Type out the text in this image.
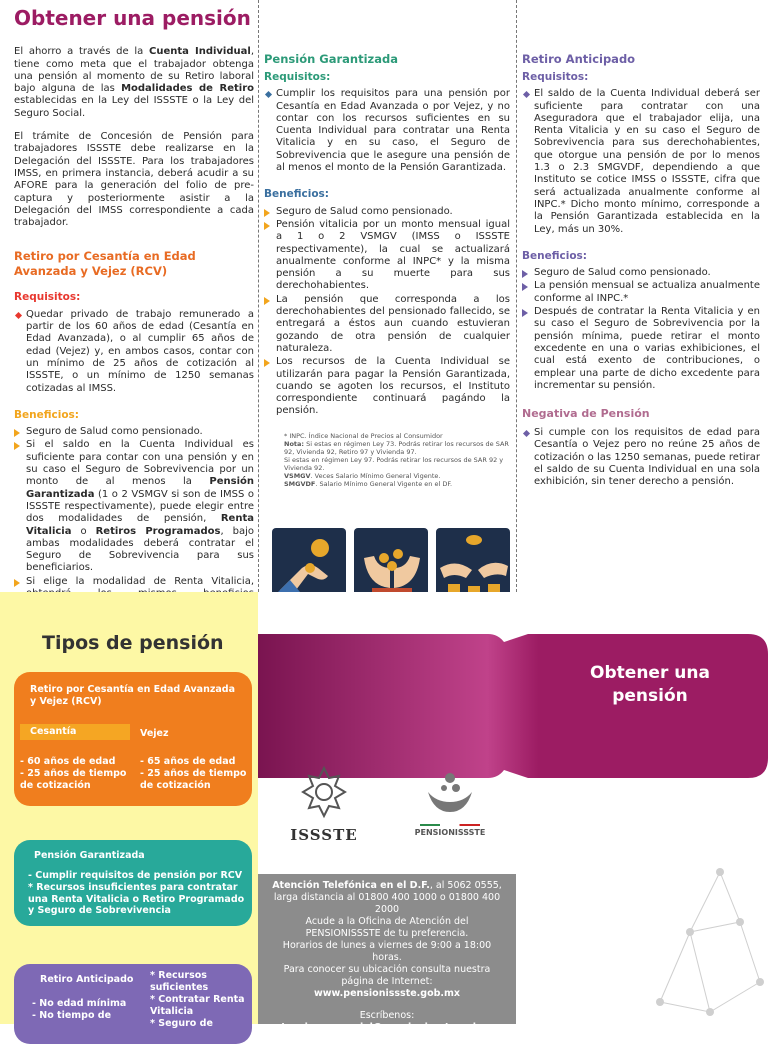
Obtener una pensión

El ahorro a través de la Cuenta Individual, tiene como meta que el trabajador obtenga una pensión al momento de su Retiro laboral bajo alguna de las Modalidades de Retiro establecidas en la Ley del ISSSTE o la Ley del Seguro Social.

El trámite de Concesión de Pensión para trabajadores ISSSTE debe realizarse en la Delegación del ISSSTE. Para los trabajadores IMSS, en primera instancia, deberá acudir a su AFORE para la generación del folio de pre-captura y posteriormente asistir a la Delegación del IMSS correspondiente a cada trabajador.

Retiro por Cesantía en Edad Avanzada y Vejez (RCV)
Requisitos:
Quedar privado de trabajo remunerado a partir de los 60 años de edad (Cesantía en Edad Avanzada), o al cumplir 65 años de edad (Vejez) y, en ambos casos, contar con un mínimo de 25 años de cotización al ISSSTE, o un mínimo de 1250 semanas cotizadas al IMSS.
Beneficios:
Seguro de Salud como pensionado.
Si el saldo en la Cuenta Individual es suficiente para contar con una pensión y en su caso el Seguro de Sobrevivencia por un monto de al menos la Pensión Garantizada (1 o 2 VSMGV si son de IMSS o ISSSTE respectivamente), puede elegir entre dos modalidades de pensión, Renta Vitalicia o Retiros Programados, bajo ambas modalidades deberá contratar el Seguro de Sobrevivencia para sus beneficiarios.
Si elige la modalidad de Renta Vitalicia,
Pensión Garantizada
Requisitos:
Cumplir los requisitos para una pensión por Cesantía en Edad Avanzada o por Vejez, y no contar con los recursos suficientes en su Cuenta Individual para contratar una Renta Vitalicia y en su caso, el Seguro de Sobrevivencia que le asegure una pensión de al menos el monto de la Pensión Garantizada.
Beneficios:
Seguro de Salud como pensionado.
Pensión vitalicia por un monto mensual igual a 1 o 2 VSMGV (IMSS o ISSSTE respectivamente), la cual se actualizará anualmente conforme al INPC* y la misma pensión a su muerte para sus derechohabientes.
La pensión que corresponda a los derechohabientes del pensionado fallecido, se entregará a éstos aun cuando estuvieran gozando de otra pensión de cualquier naturaleza.
Los recursos de la Cuenta Individual se utilizarán para pagar la Pensión Garantizada, cuando se agoten los recursos, el Instituto correspondiente continuará pagándo la pensión.
* INPC. Índice Nacional de Precios al Consumidor
Nota: Si estas en régimen Ley 73. Podrás retirar los recursos de SAR 92, Vivienda 92, Retiro 97 y Vivienda 97.
Si estas en régimen Ley 97. Podrás retirar los recursos de SAR 92 y Vivienda 92.
VSMGV. Veces Salario Mínimo General Vigente.
SMGVDF. Salario Mínimo General Vigente en el DF.
Retiro Anticipado
Requisitos:
El saldo de la Cuenta Individual deberá ser suficiente para contratar con una Aseguradora que el trabajador elija, una Renta Vitalicia y en su caso el Seguro de Sobrevivencia para sus derechohabientes, que otorgue una pensión de por lo menos 1.3 o 2.3 SMGVDF, dependiendo a que Instituto se cotice IMSS o ISSSTE, cifra que será actualizada anualmente conforme al INPC.* Dicho monto mínimo, corresponde a la Pensión Garantizada establecida en la Ley, más un 30%.
Beneficios:
Seguro de Salud como pensionado.
La pensión mensual se actualiza anualmente conforme al INPC.*
Después de contratar la Renta Vitalicia y en su caso el Seguro de Sobrevivencia por la pensión mínima, puede retirar el monto excedente en una o varias exhibiciones, el cual está exento de contribuciones, o emplear una parte de dicho excedente para incrementar su pensión.
Negativa de Pensión
Si cumple con los requisitos de edad para Cesantía o Vejez pero no reúne 25 años de cotización o las 1250 semanas, puede retirar el saldo de su Cuenta Individual en una sola exhibición, sin tener derecho a pensión.
Tipos de pensión
Retiro por Cesantía en Edad Avanzada y Vejez (RCV)
Cesantía	Vejez
- 60 años de edad
- 25 años de tiempo de cotización
- 65 años de edad
- 25 años de tiempo de cotización
Pensión Garantizada
- Cumplir requisitos de pensión por RCV
* Recursos insuficientes para contratar una Renta Vitalicia o Retiro Programado y Seguro de Sobrevivencia
Retiro Anticipado
- No edad mínima
- No tiempo de
* Recursos suficientes
* Contratar Renta Vitalicia
* Seguro de
Obtener una pensión
ISSSTE	PENSIONISSSTE
Atención Telefónica en el D.F., al 5062 0555, larga distancia al 01800 400 1000 o 01800 400 2000
Acude a la Oficina de Atención del PENSIONISSSTE de tu preferencia.
Horarios de lunes a viernes de 9:00 a 18:00 horas.
Para conocer su ubicación consulta nuestra página de Internet: www.pensionissste.gob.mx
Escríbenos:
atencioncomercial@pensionissste.gob.mx
